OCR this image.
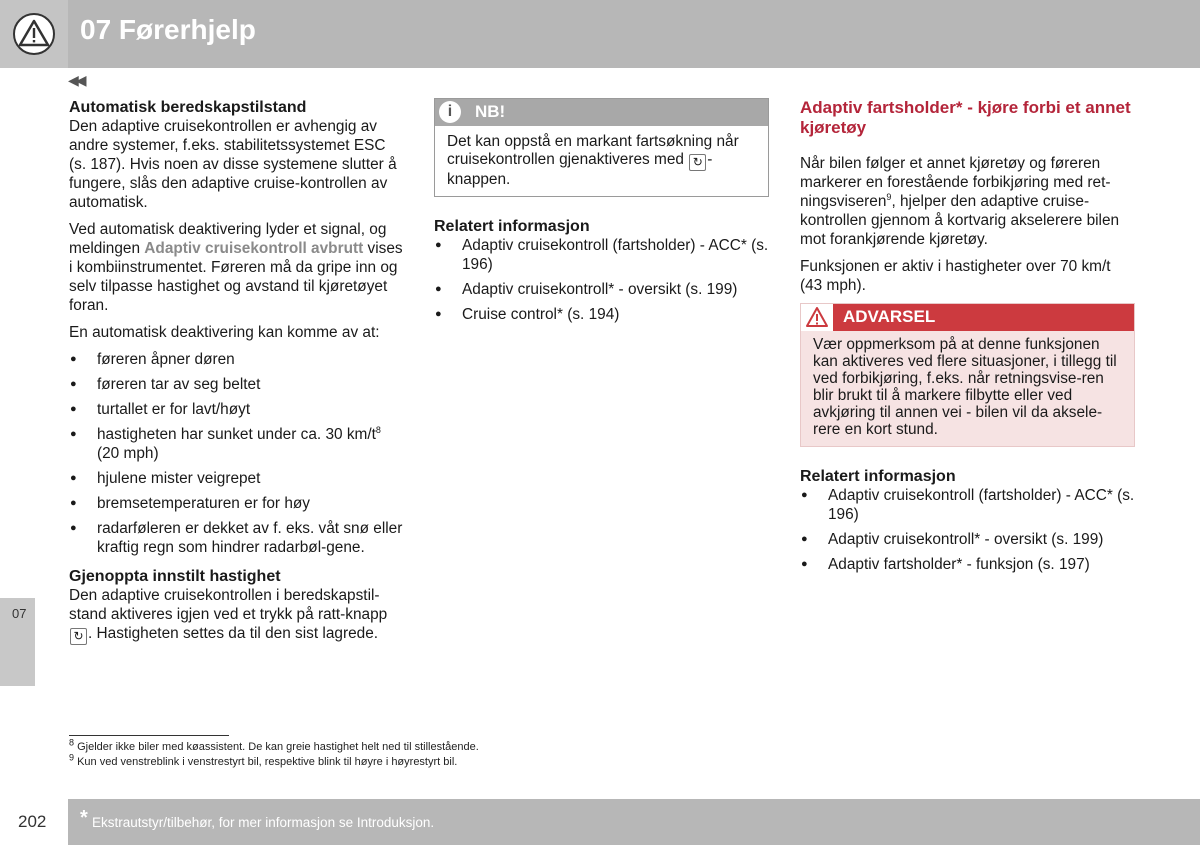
07 Førerhjelp
◀◀
07
Automatisk beredskapstilstand

Den adaptive cruisekontrollen er avhengig av andre systemer, f.eks. stabilitetssystemet ESC (s. 187). Hvis noen av disse systemene slutter å fungere, slås den adaptive cruise-kontrollen av automatisk.

Ved automatisk deaktivering lyder et signal, og meldingen Adaptiv cruisekontroll avbrutt vises i kombiinstrumentet. Føreren må da gripe inn og selv tilpasse hastighet og avstand til kjøretøyet foran.

En automatisk deaktivering kan komme av at:

● føreren åpner døren
● føreren tar av seg beltet
● turtallet er for lavt/høyt
● hastigheten har sunket under ca. 30 $km/t^8$
(20 mph)
● hjulene mister veigrepet
● bremsetemperaturen er for høy
● radarføleren er dekket av f. eks. våt snø eller kraftig regn som hindrer radarbøl-gene.
Gjenoppta innstilt hastighet

Den adaptive cruisekontrollen i beredskapstil-stand aktiveres igjen ved et trykk på ratt-knapp ↻ . Hastigheten settes da til den sist lagrede.

i	NB!
Det kan oppstå en markant fartsøkning når cruisekontrollen gjenaktiveres med ↻ -knappen.
Relatert informasjon
● Adaptiv cruisekontroll (fartsholder) - ACC* (s. 196)
● Adaptiv cruisekontroll* - oversikt (s. 199)
● Cruise control* (s. 194)
Adaptiv fartsholder* - kjøre forbi et annet kjøretøy

Når bilen følger et annet kjøretøy og føreren markerer en forestående forbikjøring med ret-ningsviseren$^9$, hjelper den adaptive cruise-kontrollen gjennom å kortvarig akselerere bilen mot forankjørende kjøretøy.

Funksjonen er aktiv i hastigheter over 70 km/t (43 mph).

ADVARSEL
Vær oppmerksom på at denne funksjonen kan aktiveres ved flere situasjoner, i tillegg til ved forbikjøring, f.eks. når retningsvise-ren blir brukt til å markere filbytte eller ved avkjøring til annen vei - bilen vil da aksele-rere en kort stund.
Relatert informasjon
● Adaptiv cruisekontroll (fartsholder) - ACC* (s. 196)
● Adaptiv cruisekontroll* - oversikt (s. 199)
● Adaptiv fartsholder* - funksjon (s. 197)
$^8$ Gjelder ikke biler med køassistent. De kan greie hastighet helt ned til stillestående.
$^9$ Kun ved venstreblink i venstrestyrt bil, respektive blink til høyre i høyrestyrt bil.
202 * Ekstrautstyr/tilbehør, for mer informasjon se Introduksjon.
